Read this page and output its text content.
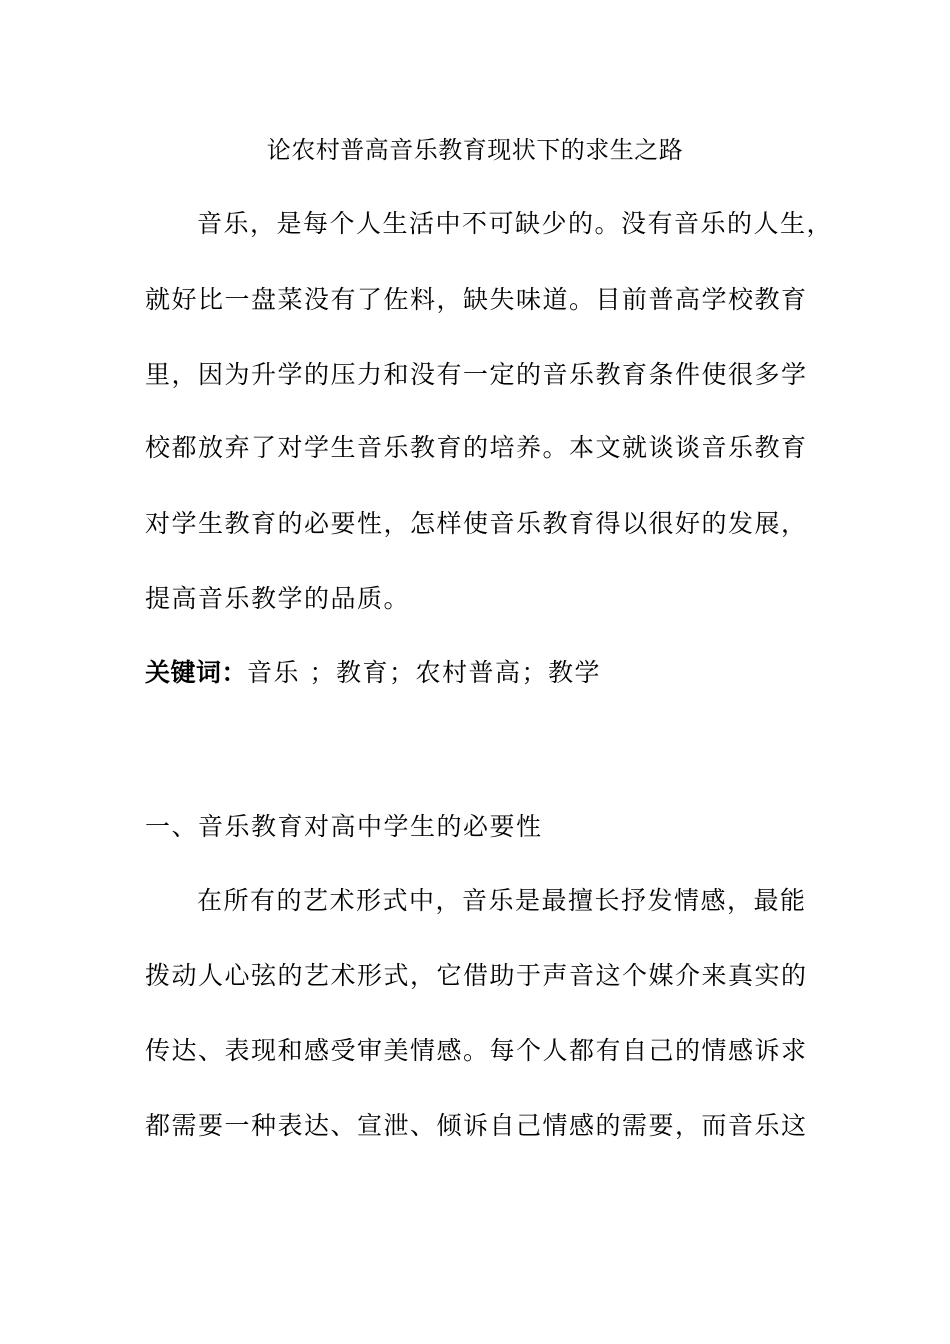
论农村普高音乐教育现状下的求生之路
音乐，是每个人生活中不可缺少的。没有音乐的人生，
就好比一盘菜没有了佐料，缺失味道。目前普高学校教育
里，因为升学的压力和没有一定的音乐教育条件使很多学
校都放弃了对学生音乐教育的培养。本文就谈谈音乐教育
对学生教育的必要性，怎样使音乐教育得以很好的发展，
提高音乐教学的品质。
关键词：音乐 ；教育；农村普高；教学
一、音乐教育对高中学生的必要性
在所有的艺术形式中，音乐是最擅长抒发情感，最能
拨动人心弦的艺术形式，它借助于声音这个媒介来真实的
传达、表现和感受审美情感。每个人都有自己的情感诉求
都需要一种表达、宣泄、倾诉自己情感的需要，而音乐这
